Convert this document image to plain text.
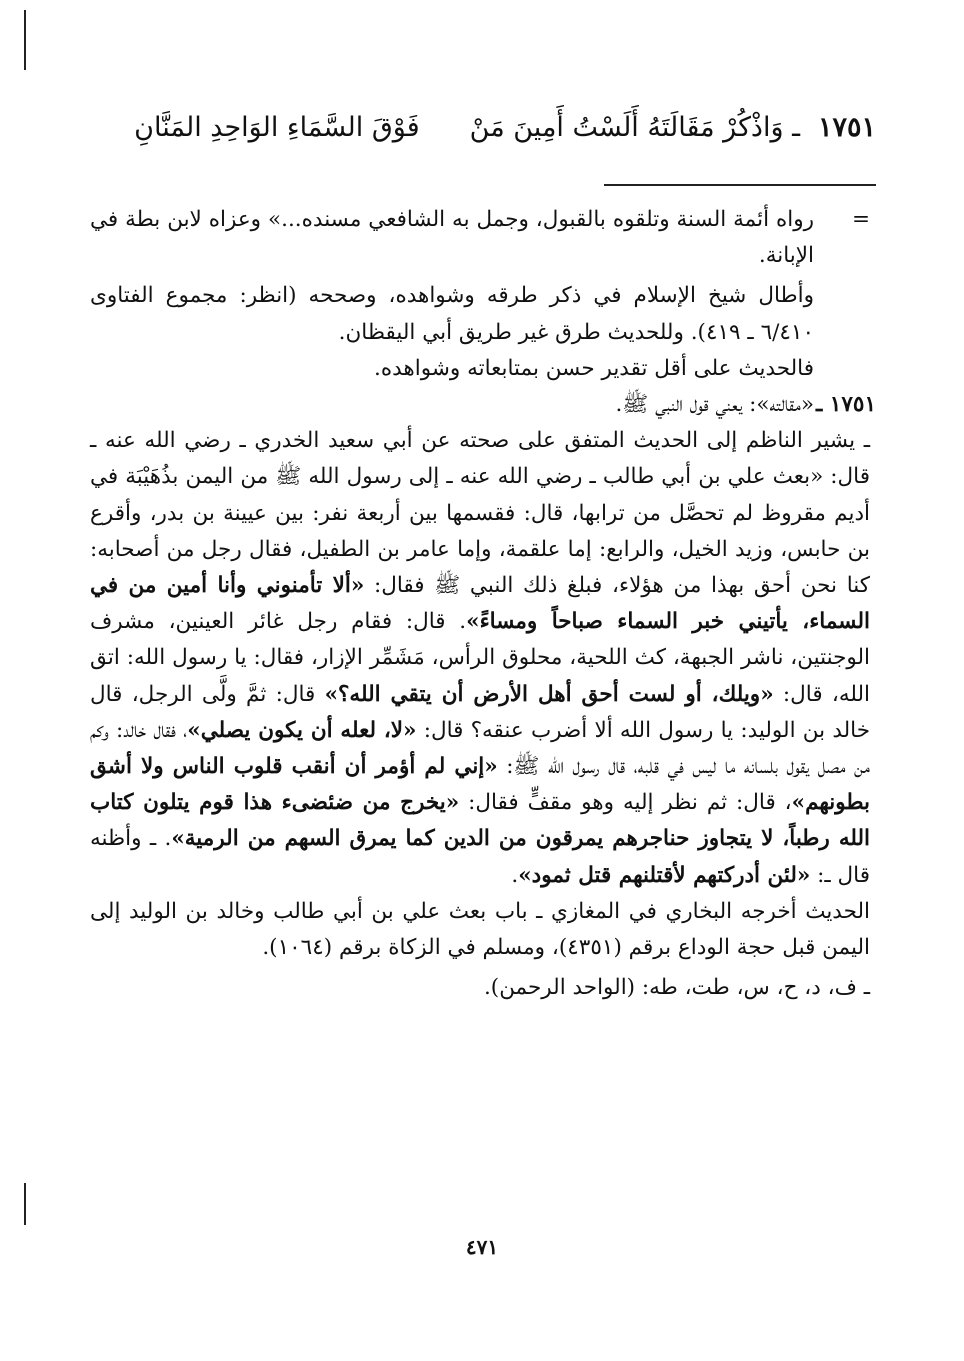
١٧٥١
ـ وَاذْكُرْ مَقَالَتَهُ أَلَسْتُ أَمِينَ مَنْ
فَوْقَ السَّمَاءِ الوَاحِدِ المَنَّانِ

=
رواه أئمة السنة وتلقوه بالقبول، وجمل به الشافعي مسنده...» وعزاه لابن بطة في الإبانة.

وأطال شيخ الإسلام في ذكر طرقه وشواهده، وصححه (انظر: مجموع الفتاوى ٦/٤١٠ ـ ٤١٩). وللحديث طرق غير طريق أبي اليقظان.

فالحديث على أقل تقدير حسن بمتابعاته وشواهده.

١٧٥١ ـ
«مقالته»: يعني قول النبي ﷺ.

ـ يشير الناظم إلى الحديث المتفق على صحته عن أبي سعيد الخدري ـ رضي الله عنه ـ قال: «بعث علي بن أبي طالب ـ رضي الله عنه ـ إلى رسول الله ﷺ من اليمن بذُهَيْبَة في أديم مقروظ لم تحصَّل من ترابها، قال: فقسمها بين أربعة نفر: بين عيينة بن بدر، وأقرع بن حابس، وزيد الخيل، والرابع: إما علقمة، وإما عامر بن الطفيل، فقال رجل من أصحابه: كنا نحن أحق بهذا من هؤلاء، فبلغ ذلك النبي ﷺ فقال: «ألا تأمنوني وأنا أمين من في السماء، يأتيني خبر السماء صباحاً ومساءً». قال: فقام رجل غائر العينين، مشرف الوجنتين، ناشر الجبهة، كث اللحية، محلوق الرأس، مَشَمِّر الإزار، فقال: يا رسول الله: اتق الله، قال: «ويلك، أو لست أحق أهل الأرض أن يتقي الله؟» قال: ثمَّ ولَّى الرجل، قال خالد بن الوليد: يا رسول الله ألا أضرب عنقه؟ قال: «لا، لعله أن يكون يصلي»، فقال خالد: وكم من مصل يقول بلسانه ما ليس في قلبه، قال رسول الله ﷺ: «إني لم أؤمر أن أنقب قلوب الناس ولا أشق بطونهم»، قال: ثم نظر إليه وهو مقفٍّ فقال: «يخرج من ضئضىء هذا قوم يتلون كتاب الله رطباً، لا يتجاوز حناجرهم يمرقون من الدين كما يمرق السهم من الرمية». ـ وأظنه قال ـ: «لئن أدركتهم لأقتلنهم قتل ثمود».

الحديث أخرجه البخاري في المغازي ـ باب بعث علي بن أبي طالب وخالد بن الوليد إلى اليمن قبل حجة الوداع برقم (٤٣٥١)، ومسلم في الزكاة برقم (١٠٦٤).

ـ ف، د، ح، س، طت، طه: (الواحد الرحمن).

٤٧١
